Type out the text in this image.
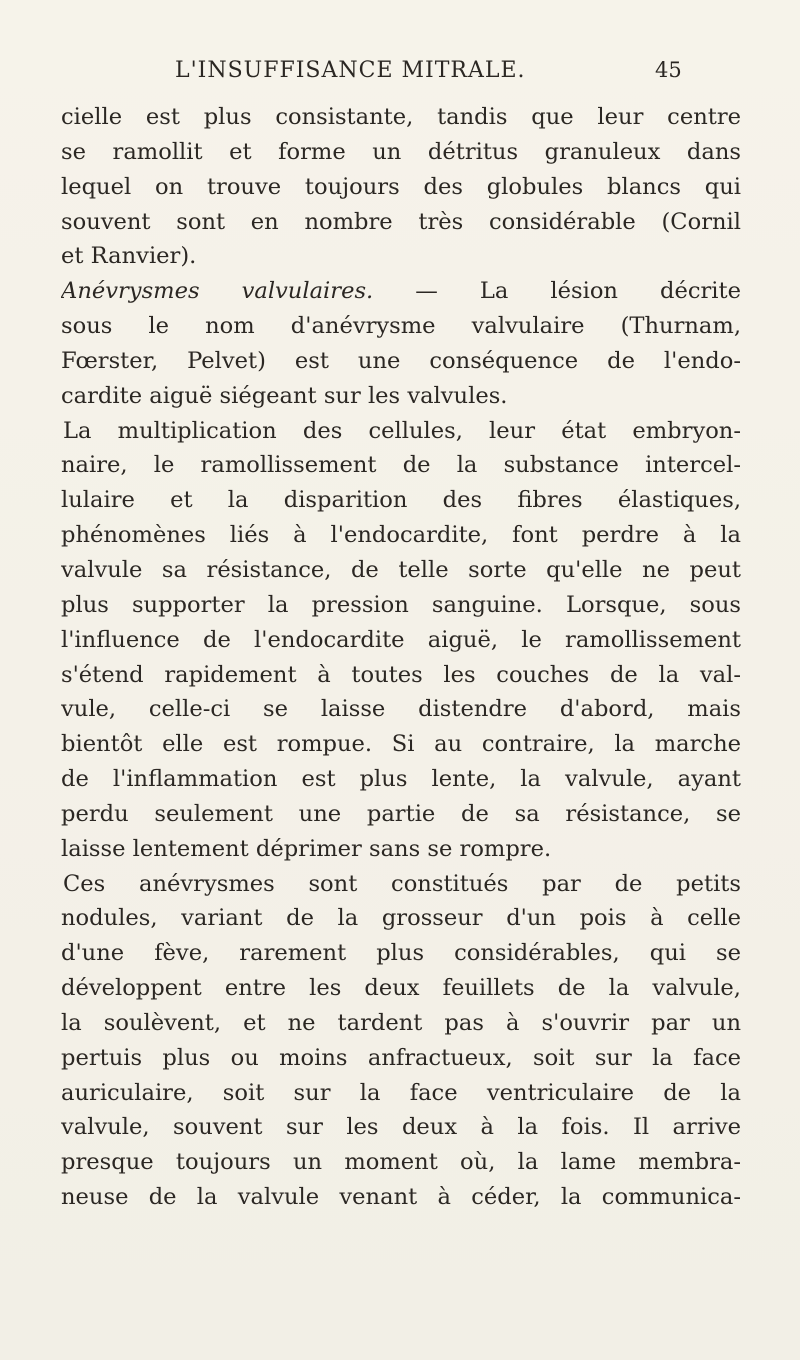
L'INSUFFISANCE MITRALE.	45
cielle est plus consistante, tandis que leur centre
se ramollit et forme un détritus granuleux dans
lequel on trouve toujours des globules blancs qui
souvent sont en nombre très considérable (Cornil
et Ranvier).
Anévrysmes valvulaires. — La lésion décrite
sous le nom d'anévrysme valvulaire (Thurnam,
Fœrster, Pelvet) est une conséquence de l'endo-
cardite aiguë siégeant sur les valvules.
La multiplication des cellules, leur état embryon-
naire, le ramollissement de la substance intercel-
lulaire et la disparition des fibres élastiques,
phénomènes liés à l'endocardite, font perdre à la
valvule sa résistance, de telle sorte qu'elle ne peut
plus supporter la pression sanguine. Lorsque, sous
l'influence de l'endocardite aiguë, le ramollissement
s'étend rapidement à toutes les couches de la val-
vule, celle-ci se laisse distendre d'abord, mais
bientôt elle est rompue. Si au contraire, la marche
de l'inflammation est plus lente, la valvule, ayant
perdu seulement une partie de sa résistance, se
laisse lentement déprimer sans se rompre.
Ces anévrysmes sont constitués par de petits
nodules, variant de la grosseur d'un pois à celle
d'une fève, rarement plus considérables, qui se
développent entre les deux feuillets de la valvule,
la soulèvent, et ne tardent pas à s'ouvrir par un
pertuis plus ou moins anfractueux, soit sur la face
auriculaire, soit sur la face ventriculaire de la
valvule, souvent sur les deux à la fois. Il arrive
presque toujours un moment où, la lame membra-
neuse de la valvule venant à céder, la communica-
